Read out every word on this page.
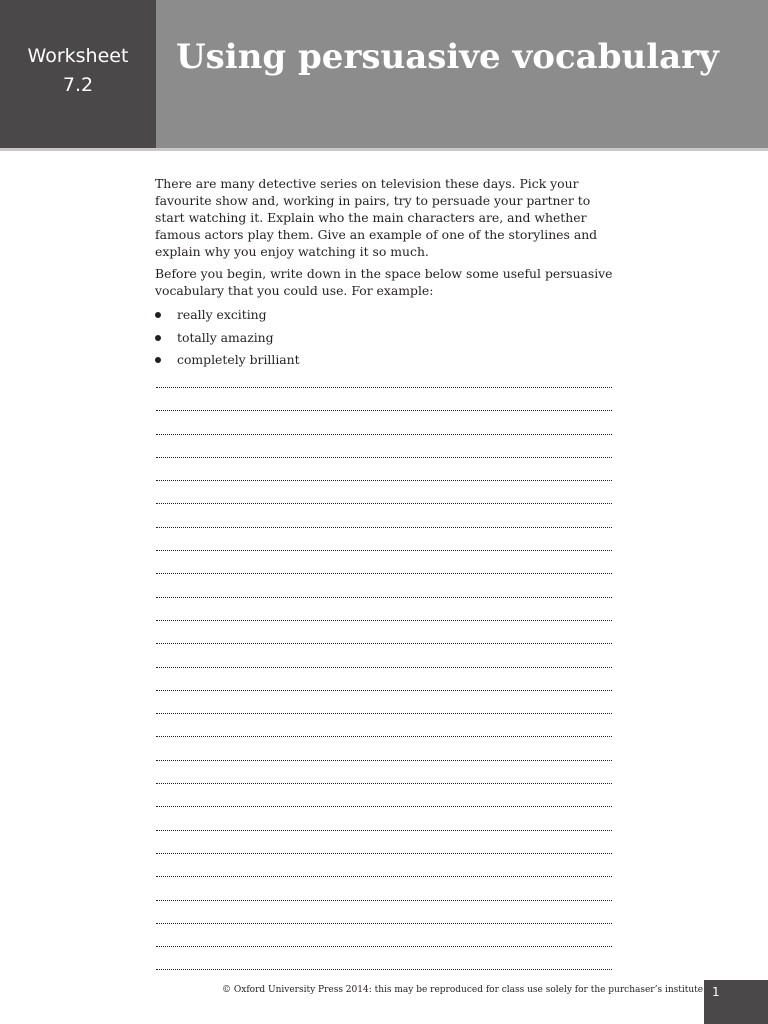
Worksheet
7.2
Using persuasive vocabulary

There are many detective series on television these days. Pick your favourite show and, working in pairs, try to persuade your partner to start watching it. Explain who the main characters are, and whether famous actors play them. Give an example of one of the storylines and explain why you enjoy watching it so much.

Before you begin, write down in the space below some useful persuasive vocabulary that you could use. For example:

really exciting
totally amazing
completely brilliant
© Oxford University Press 2014: this may be reproduced for class use solely for the purchaser’s institute 1
